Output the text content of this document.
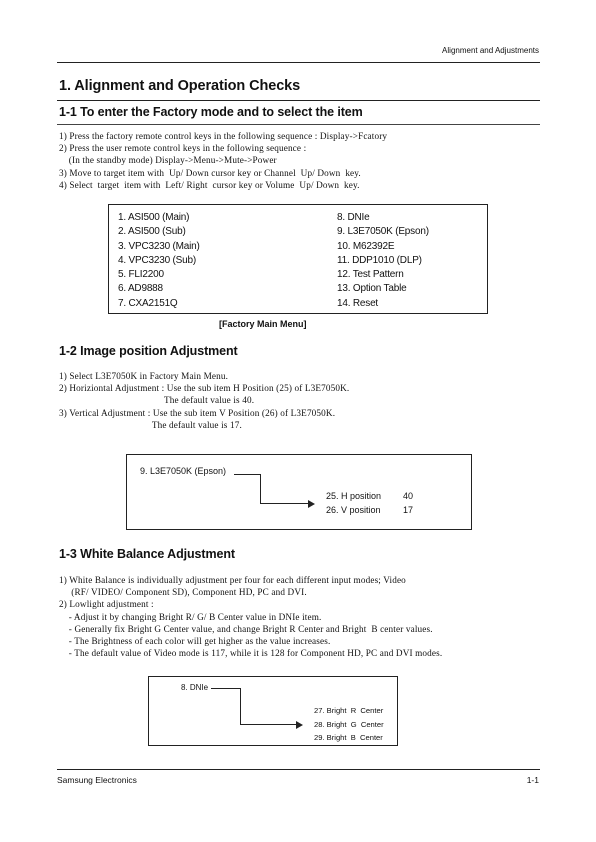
Alignment and Adjustments
1. Alignment and Operation Checks
1-1 To enter the Factory mode and to select the item
1) Press the factory remote control keys in the following sequence : Display->Fcatory
2) Press the user remote control keys in the following sequence :
(In the standby mode) Display->Menu->Mute->Power
3) Move to target item with  Up/ Down cursor key or Channel  Up/ Down  key.
4) Select  target  item with  Left/ Right  cursor key or Volume  Up/ Down  key.
1. ASI500 (Main)
2. ASI500 (Sub)
3. VPC3230 (Main)
4. VPC3230 (Sub)
5. FLI2200
6. AD9888
7. CXA2151Q
8. DNIe
9. L3E7050K (Epson)
10. M62392E
11. DDP1010 (DLP)
12. Test Pattern
13. Option Table
14. Reset
[Factory Main Menu]
1-2 Image position Adjustment
1) Select L3E7050K in Factory Main Menu.
2) Horiziontal Adjustment : Use the sub item H Position (25) of L3E7050K.
The default value is 40.
3) Vertical Adjustment : Use the sub item V Position (26) of L3E7050K.
The default value is 17.
9. L3E7050K (Epson)
25. H position
26. V position
40
17
1-3 White Balance Adjustment
1) White Balance is individually adjustment per four for each different input modes; Video
(RF/ VIDEO/ Component SD), Component HD, PC and DVI.
2) Lowlight adjustment :
- Adjust it by changing Bright R/ G/ B Center value in DNIe item.
- Generally fix Bright G Center value, and change Bright R Center and Bright  B center values.
- The Brightness of each color will get higher as the value increases.
- The default value of Video mode is 117, while it is 128 for Component HD, PC and DVI modes.
8. DNIe
27. Bright  R  Center
28. Bright  G  Center
29. Bright  B  Center
Samsung Electronics	1-1
